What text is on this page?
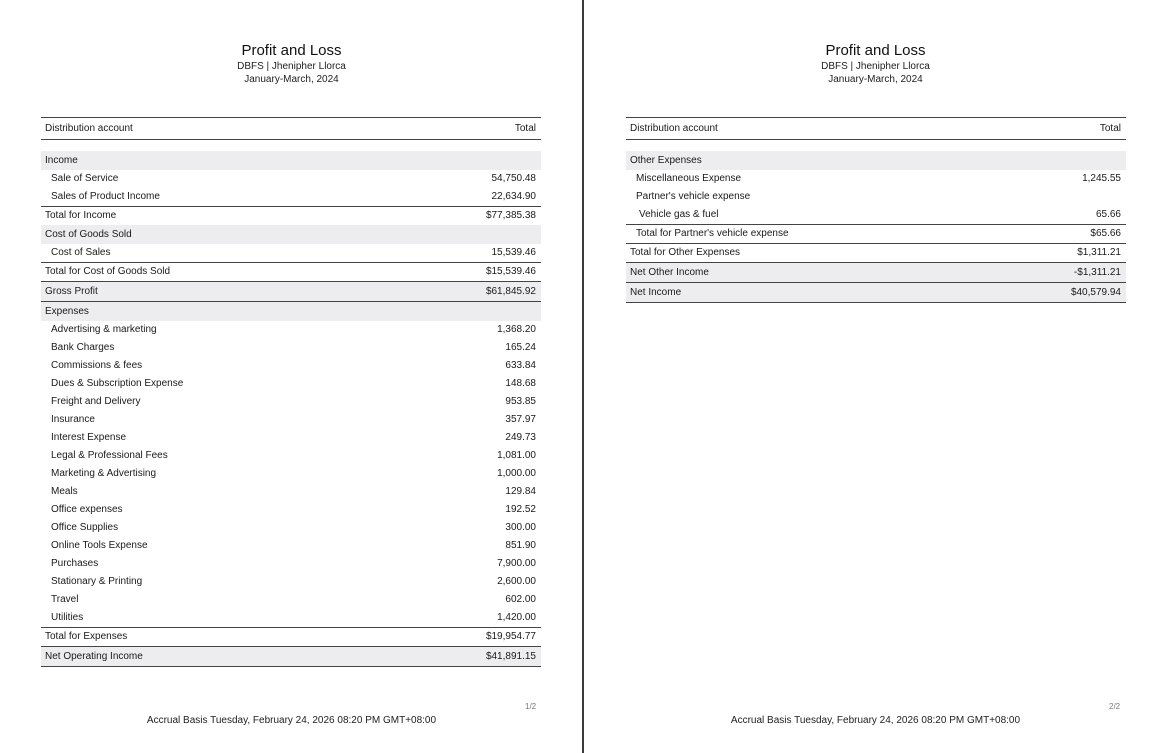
Profit and Loss
DBFS | Jhenipher Llorca
January-March, 2024
Distribution account	Total

Income	
Sale of Service	54,750.48
Sales of Product Income	22,634.90
Total for Income	$77,385.38
Cost of Goods Sold	
Cost of Sales	15,539.46
Total for Cost of Goods Sold	$15,539.46
Gross Profit	$61,845.92
Expenses	
Advertising & marketing	1,368.20
Bank Charges	165.24
Commissions & fees	633.84
Dues & Subscription Expense	148.68
Freight and Delivery	953.85
Insurance	357.97
Interest Expense	249.73
Legal & Professional Fees	1,081.00
Marketing & Advertising	1,000.00
Meals	129.84
Office expenses	192.52
Office Supplies	300.00
Online Tools Expense	851.90
Purchases	7,900.00
Stationary & Printing	2,600.00
Travel	602.00
Utilities	1,420.00
Total for Expenses	$19,954.77
Net Operating Income	$41,891.15
1/2
Accrual Basis Tuesday, February 24, 2026 08:20 PM GMT+08:00
Profit and Loss
DBFS | Jhenipher Llorca
January-March, 2024
Distribution account	Total

Other Expenses	
Miscellaneous Expense	1,245.55
Partner's vehicle expense	
Vehicle gas & fuel	65.66
Total for Partner's vehicle expense	$65.66
Total for Other Expenses	$1,311.21
Net Other Income	-$1,311.21
Net Income	$40,579.94
2/2
Accrual Basis Tuesday, February 24, 2026 08:20 PM GMT+08:00
